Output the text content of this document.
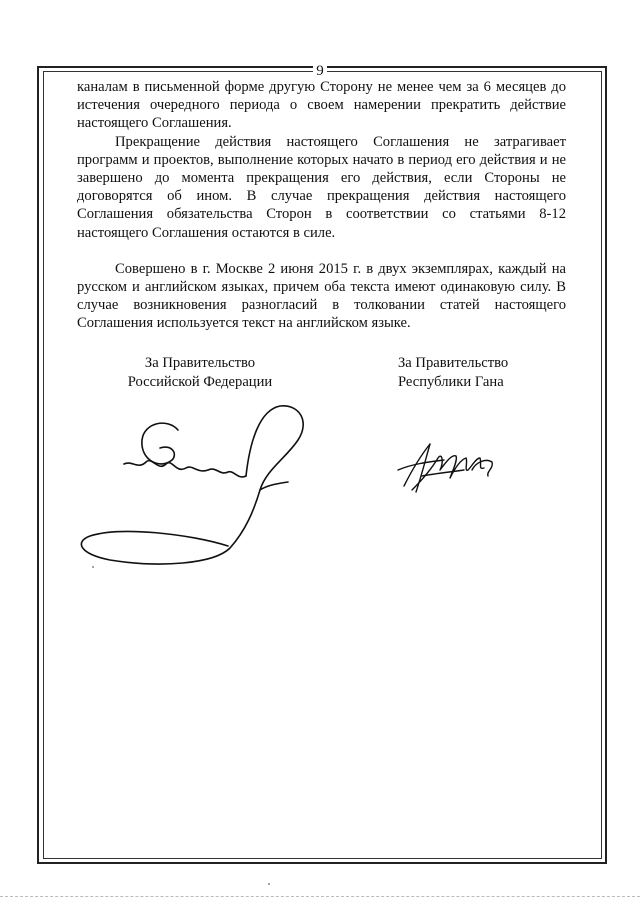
9

каналам в письменной форме другую Сторону не менее чем за 6 месяцев до истечения очередного периода о своем намерении прекратить действие настоящего Соглашения.

Прекращение действия настоящего Соглашения не затрагивает программ и проектов, выполнение которых начато в период его действия и не завершено до момента прекращения его действия, если Стороны не договорятся об ином. В случае прекращения действия настоящего Соглашения обязательства Сторон в соответствии со статьями 8-12 настоящего Соглашения остаются в силе.

Совершено в г. Москве 2 июня 2015 г. в двух экземплярах, каждый на русском и английском языках, причем оба текста имеют одинаковую силу. В случае возникновения разногласий в толковании статей настоящего Соглашения используется текст на английском языке.

За Правительство
Российской Федерации
За Правительство
Республики Гана
